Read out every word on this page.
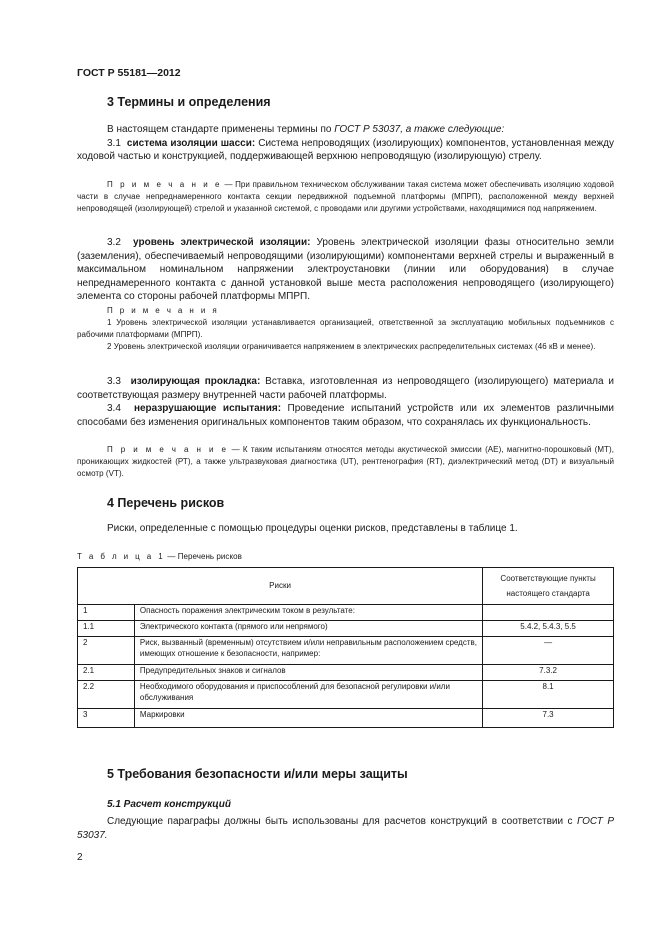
ГОСТ Р 55181—2012
3 Термины и определения

В настоящем стандарте применены термины по ГОСТ Р 53037, а также следующие:

3.1 система изоляции шасси: Система непроводящих (изолирующих) компонентов, установленная между ходовой частью и конструкцией, поддерживающей верхнюю непроводящую (изолирующую) стрелу.

П р и м е ч а н и е — При правильном техническом обслуживании такая система может обеспечивать изоляцию ходовой части в случае непреднамеренного контакта секции передвижной подъемной платформы (МПРП), расположенной между верхней непроводящей (изолирующей) стрелой и указанной системой, с проводами или другими устройствами, находящимися под напряжением.

3.2 уровень электрической изоляции: Уровень электрической изоляции фазы относительно земли (заземления), обеспечиваемый непроводящими (изолирующими) компонентами верхней стрелы и выраженный в максимальном номинальном напряжении электроустановки (линии или оборудования) в случае непреднамеренного контакта с данной установкой выше места расположения непроводящего (изолирующего) элемента со стороны рабочей платформы МПРП.

П р и м е ч а н и я

1 Уровень электрической изоляции устанавливается организацией, ответственной за эксплуатацию мобильных подъемников с рабочими платформами (МПРП).

2 Уровень электрической изоляции ограничивается напряжением в электрических распределительных системах (46 кВ и менее).

3.3 изолирующая прокладка: Вставка, изготовленная из непроводящего (изолирующего) материала и соответствующая размеру внутренней части рабочей платформы.

3.4 неразрушающие испытания: Проведение испытаний устройств или их элементов различными способами без изменения оригинальных компонентов таким образом, что сохранялась их функциональность.

П р и м е ч а н и е — К таким испытаниям относятся методы акустической эмиссии (АЕ), магнитно-порошковый (МТ), проникающих жидкостей (РТ), а также ультразвуковая диагностика (UT), рентгенография (RT), диэлектрический метод (DT) и визуальный осмотр (VT).

4 Перечень рисков
Риски, определенные с помощью процедуры оценки рисков, представлены в таблице 1.
Т а б л и ц а 1 — Перечень рисков
Риски		Соответствующие пункты настоящего стандарта
1	Опасность поражения электрическим током в результате:	
1.1	Электрического контакта (прямого или непрямого)	5.4.2, 5.4.3, 5.5
2	Риск, вызванный (временным) отсутствием и/или неправильным расположением средств, имеющих отношение к безопасности, например:	—
2.1	Предупредительных знаков и сигналов	7.3.2
2.2	Необходимого оборудования и приспособлений для безопасной регулировки и/или обслуживания	8.1
3	Маркировки	7.3
5 Требования безопасности и/или меры защиты
5.1 Расчет конструкций

Следующие параграфы должны быть использованы для расчетов конструкций в соответствии с ГОСТ Р 53037.

2
